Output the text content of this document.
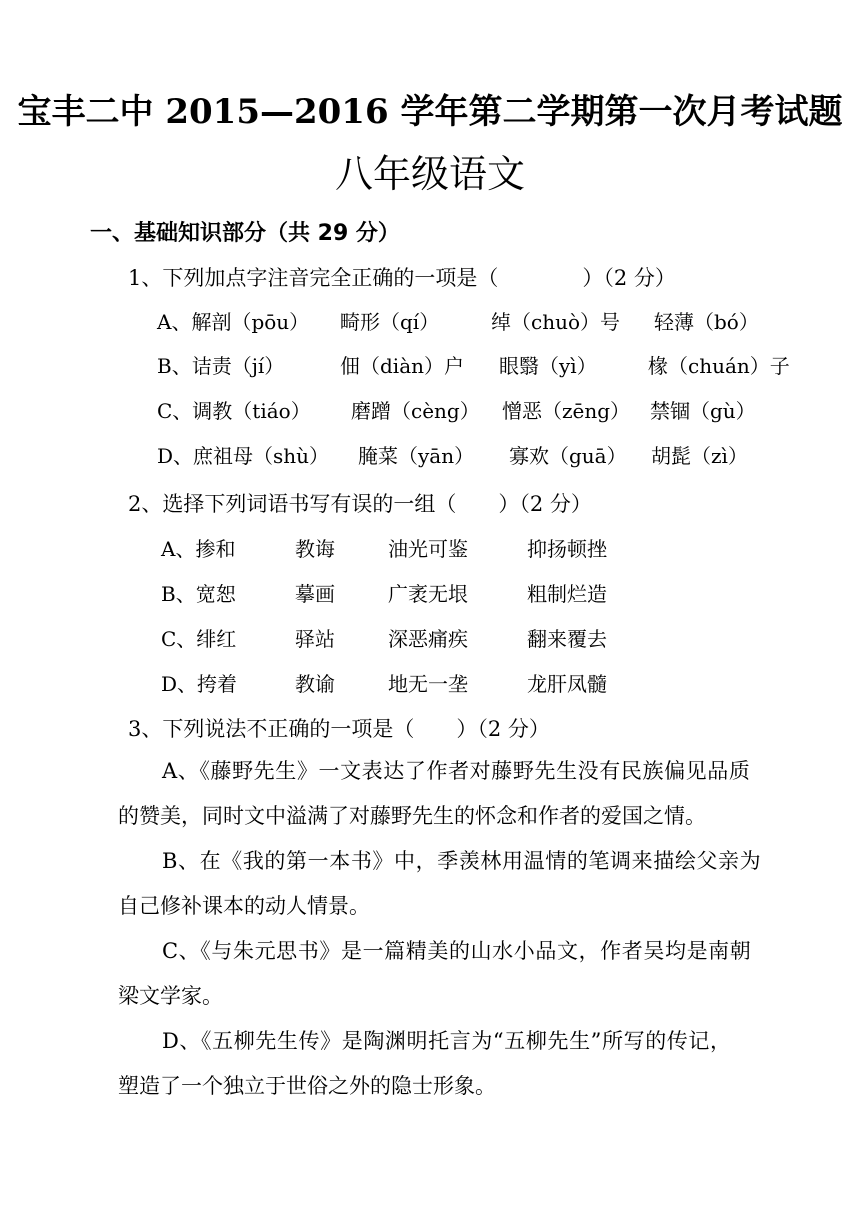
宝丰二中 2015—2016 学年第二学期第一次月考试题
八年级语文
一、基础知识部分（共 29 分）
1、下列加点字注音完全正确的一项是（　　　　）（2 分）
A、解剖（pōu） 畸形（qí）	绰（chuò）号 轻薄（bó）
B、诘责（jí）	佃（diàn）户 眼翳（yì）	椽（chuán）子
C、调教（tiáo） 磨蹭（cèng） 憎恶（zēng） 禁锢（gù）
D、庶祖母（shù） 腌菜（yān） 寡欢（guā） 胡髭（zì）
2、选择下列词语书写有误的一组（　　）（2 分）
A、掺和	教诲	油光可鉴	抑扬顿挫
B、宽恕	摹画	广袤无垠	粗制烂造
C、绯红	驿站	深恶痛疾	翻来覆去
D、挎着	教谕	地无一垄	龙肝凤髓
3、下列说法不正确的一项是（　　）（2 分）
A、《藤野先生》一文表达了作者对藤野先生没有民族偏见品质
的赞美，同时文中溢满了对藤野先生的怀念和作者的爱国之情。
B、在《我的第一本书》中，季羡林用温情的笔调来描绘父亲为
自己修补课本的动人情景。
C、《与朱元思书》是一篇精美的山水小品文，作者吴均是南朝
梁文学家。
D、《五柳先生传》是陶渊明托言为“五柳先生”所写的传记，
塑造了一个独立于世俗之外的隐士形象。
